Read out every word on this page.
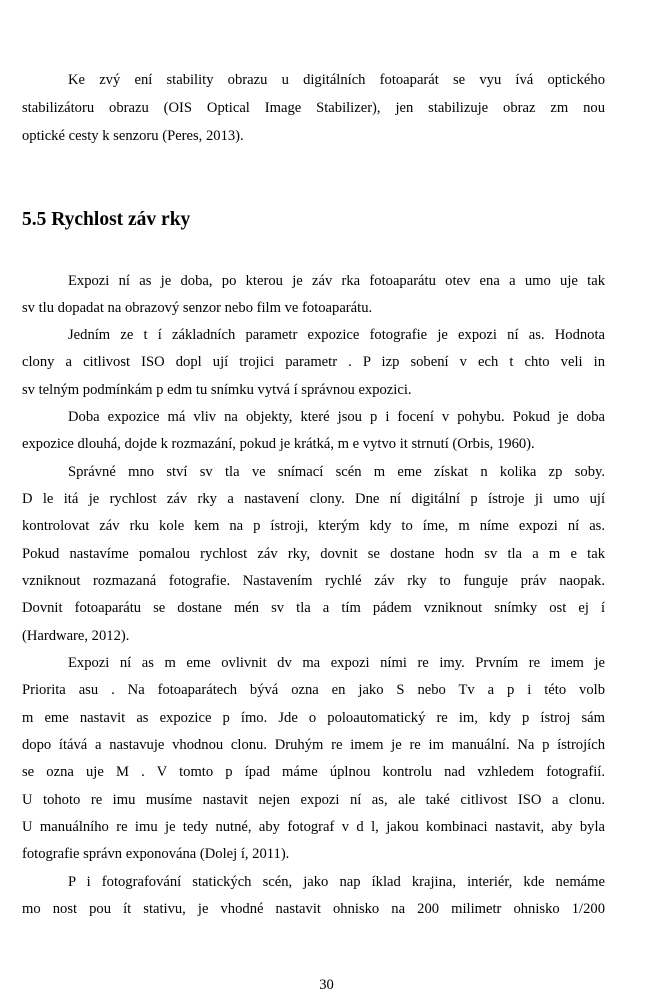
Ke zvý ení stability obrazu u digitálních fotoaparát se vyu ívá optického
stabilizátoru obrazu (OIS Optical Image Stabilizer), jen stabilizuje obraz zm nou
optické cesty k senzoru (Peres, 2013).
5.5 Rychlost záv rky
Expozi ní as je doba, po kterou je záv rka fotoaparátu otev ena a umo uje tak
sv tlu dopadat na obrazový senzor nebo film ve fotoaparátu.
Jedním ze t í základních parametr expozice fotografie je expozi ní as. Hodnota
clony a citlivost ISO dopl ují trojici parametr . P izp sobení v ech t chto veli in
sv telným podmínkám p edm tu snímku vytvá í správnou expozici.
Doba expozice má vliv na objekty, které jsou p i focení v pohybu. Pokud je doba
expozice dlouhá, dojde k rozmazání, pokud je krátká, m e vytvo it strnutí (Orbis, 1960).
Správné mno ství sv tla ve snímací scén m eme získat n kolika zp soby.
D le itá je rychlost záv rky a nastavení clony. Dne ní digitální p ístroje ji umo ují
kontrolovat záv rku kole kem na p ístroji, kterým kdy to íme, m níme expozi ní as.
Pokud nastavíme pomalou rychlost záv rky, dovnit se dostane hodn sv tla a m e tak
vzniknout rozmazaná fotografie. Nastavením rychlé záv rky to funguje práv naopak.
Dovnit fotoaparátu se dostane mén sv tla a tím pádem vzniknout snímky ost ej í
(Hardware, 2012).
Expozi ní as m eme ovlivnit dv ma expozi ními re imy. Prvním re imem je
Priorita asu . Na fotoaparátech bývá ozna en jako S nebo Tv a p i této volb
m eme nastavit as expozice p ímo. Jde o poloautomatický re im, kdy p ístroj sám
dopo ítává a nastavuje vhodnou clonu. Druhým re imem je re im manuální. Na p ístrojích
se ozna uje M . V tomto p ípad máme úplnou kontrolu nad vzhledem fotografií.
U tohoto re imu musíme nastavit nejen expozi ní as, ale také citlivost ISO a clonu.
U manuálního re imu je tedy nutné, aby fotograf v d l, jakou kombinaci nastavit, aby byla
fotografie správn exponována (Dolej í, 2011).
P i fotografování statických scén, jako nap íklad krajina, interiér, kde nemáme
mo nost pou ít stativu, je vhodné nastavit ohnisko na 200 milimetr ohnisko 1/200
30
